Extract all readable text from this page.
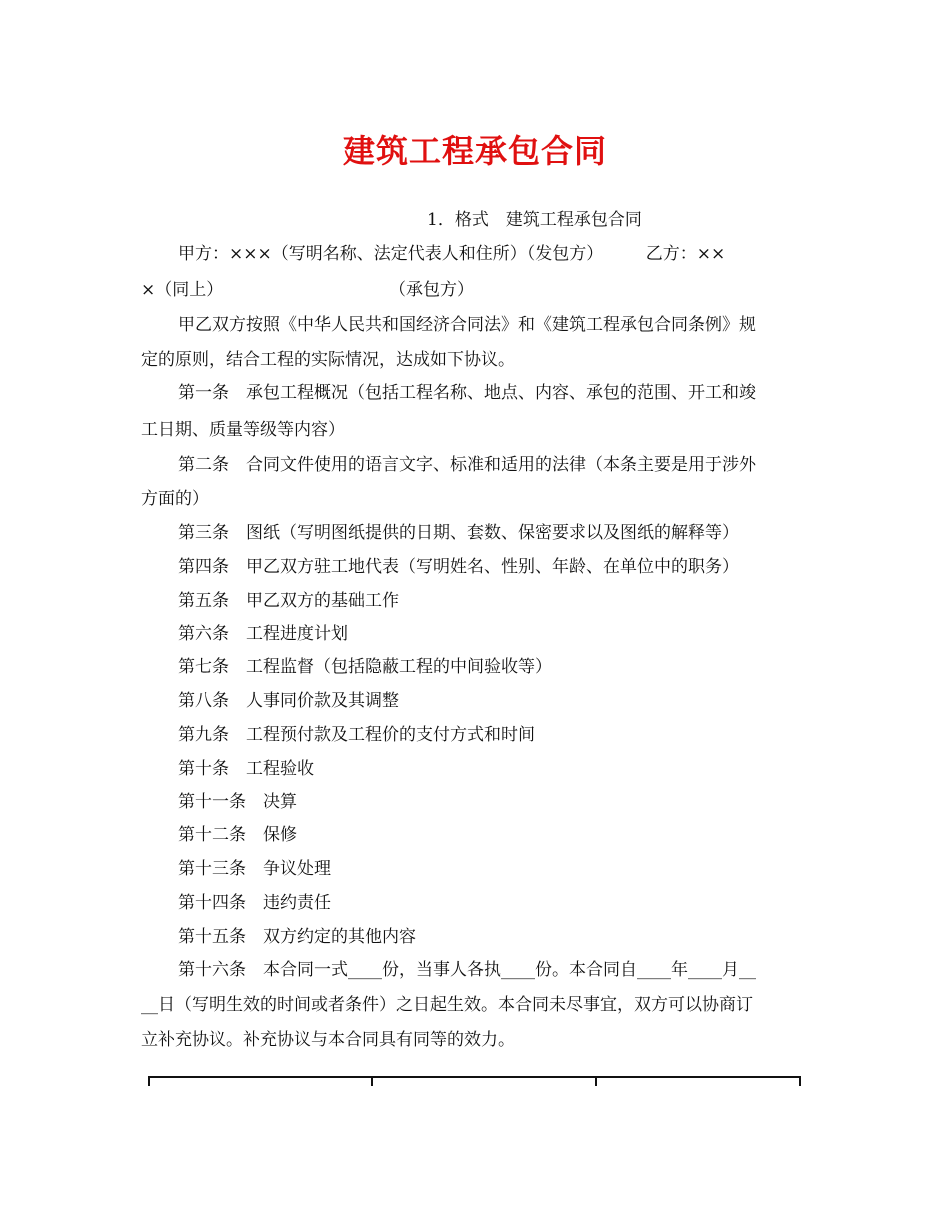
建筑工程承包合同
1．格式　建筑工程承包合同
甲方：×××（写明名称、法定代表人和住所）（发包方）　　　乙方：××
×（同上）	（承包方）
甲乙双方按照《中华人民共和国经济合同法》和《建筑工程承包合同条例》规
定的原则，结合工程的实际情况，达成如下协议。
第一条　承包工程概况（包括工程名称、地点、内容、承包的范围、开工和竣
工日期、质量等级等内容）
第二条　合同文件使用的语言文字、标准和适用的法律（本条主要是用于涉外
方面的）
第三条　图纸（写明图纸提供的日期、套数、保密要求以及图纸的解释等）
第四条　甲乙双方驻工地代表（写明姓名、性别、年龄、在单位中的职务）
第五条　甲乙双方的基础工作
第六条　工程进度计划
第七条　工程监督（包括隐蔽工程的中间验收等）
第八条　人事同价款及其调整
第九条　工程预付款及工程价的支付方式和时间
第十条　工程验收
第十一条　决算
第十二条　保修
第十三条　争议处理
第十四条　违约责任
第十五条　双方约定的其他内容
第十六条　本合同一式____份，当事人各执____份。本合同自____年____月__
__日（写明生效的时间或者条件）之日起生效。本合同未尽事宜，双方可以协商订
立补充协议。补充协议与本合同具有同等的效力。
